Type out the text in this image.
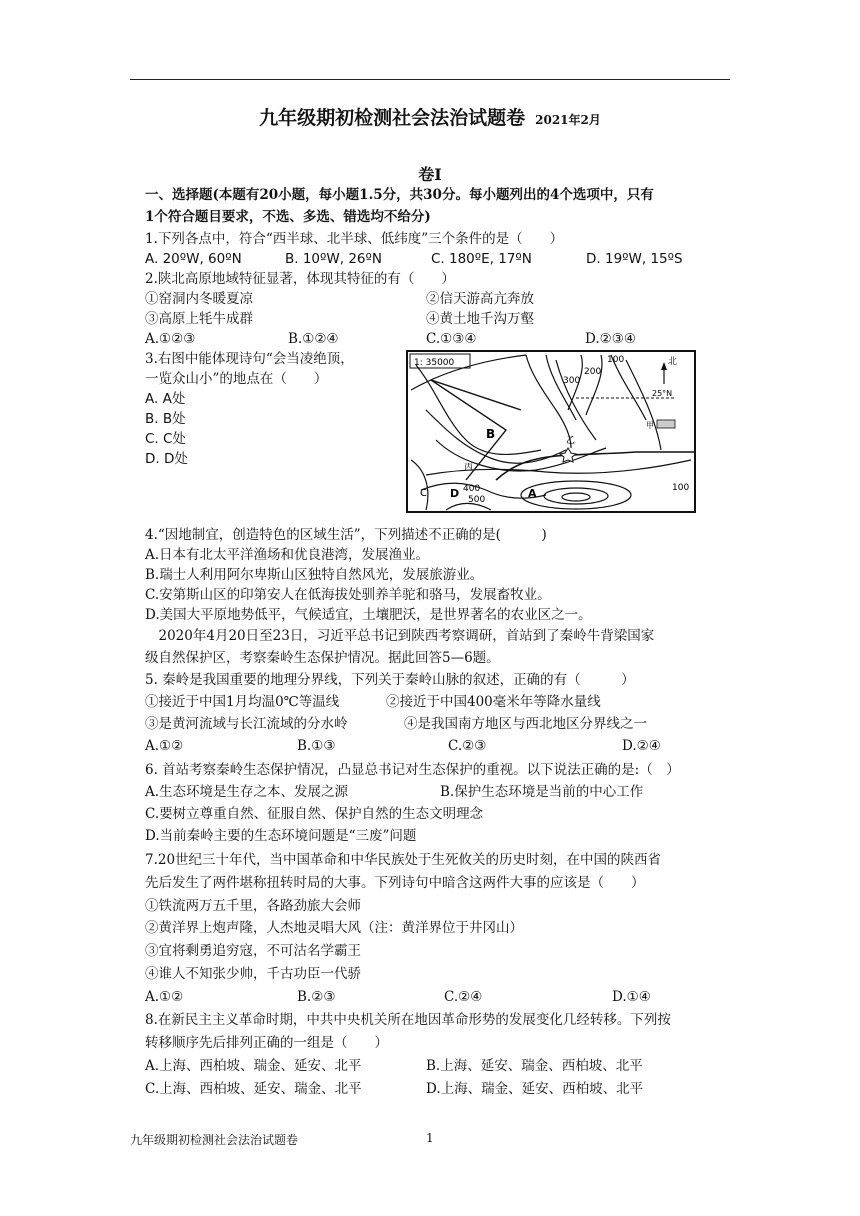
九年级期初检测社会法治试题卷 2021年2月
卷Ⅰ
一、选择题(本题有20小题，每小题1.5分，共30分。每小题列出的4个选项中，只有
1个符合题目要求，不选、多选、错选均不给分)
1.下列各点中，符合“西半球、北半球、低纬度”三个条件的是（　　）
A. 20ºW, 60ºN	B. 10ºW, 26ºN	C. 180ºE, 17ºN	D. 19ºW, 15ºS
2.陕北高原地域特征显著，体现其特征的有（　　）
①窑洞内冬暖夏凉	②信天游高亢奔放
③高原上牦牛成群	④黄土地千沟万壑
A.①②③	B.①②④	C.①③④	D.②③④
3.右图中能体现诗句“会当凌绝顶，
一览众山小”的地点在（　　）
A. A处
B. B处
C. C处
D. D处
1: 35000
25°N
北
甲
B
C D	A
乙
丙
100
200
300
400
500
100
4.“因地制宜，创造特色的区域生活”，下列描述不正确的是(　　　)
A.日本有北太平洋渔场和优良港湾，发展渔业。
B.瑞士人利用阿尔卑斯山区独特自然风光，发展旅游业。
C.安第斯山区的印第安人在低海拔处驯养羊驼和骆马，发展畜牧业。
D.美国大平原地势低平，气候适宜，土壤肥沃，是世界著名的农业区之一。
　2020年4月20日至23日，习近平总书记到陕西考察调研，首站到了秦岭牛背梁国家
级自然保护区，考察秦岭生态保护情况。据此回答5—6题。
5. 秦岭是我国重要的地理分界线，下列关于秦岭山脉的叙述，正确的有（　　　）
①接近于中国1月均温0℃等温线	②接近于中国400毫米年等降水量线
③是黄河流域与长江流域的分水岭	④是我国南方地区与西北地区分界线之一
A.①②	B.①③	C.②③	D.②④
6. 首站考察秦岭生态保护情况，凸显总书记对生态保护的重视。以下说法正确的是:（　）
A.生态环境是生存之本、发展之源	B.保护生态环境是当前的中心工作
C.要树立尊重自然、征服自然、保护自然的生态文明理念
D.当前秦岭主要的生态环境问题是“三废”问题
7.20世纪三十年代，当中国革命和中华民族处于生死攸关的历史时刻，在中国的陕西省
先后发生了两件堪称扭转时局的大事。下列诗句中暗含这两件大事的应该是（　　）
①铁流两万五千里，各路劲旅大会师
②黄洋界上炮声隆，人杰地灵唱大风（注：黄洋界位于井冈山）
③宜将剩勇追穷寇，不可沽名学霸王
④谁人不知张少帅，千古功臣一代骄
A.①②	B.②③	C.②④	D.①④
8.在新民主主义革命时期，中共中央机关所在地因革命形势的发展变化几经转移。下列按
转移顺序先后排列正确的一组是（　　）
A.上海、西柏坡、瑞金、延安、北平	B.上海、延安、瑞金、西柏坡、北平
C.上海、西柏坡、延安、瑞金、北平	D.上海、瑞金、延安、西柏坡、北平
九年级期初检测社会法治试题卷	1
